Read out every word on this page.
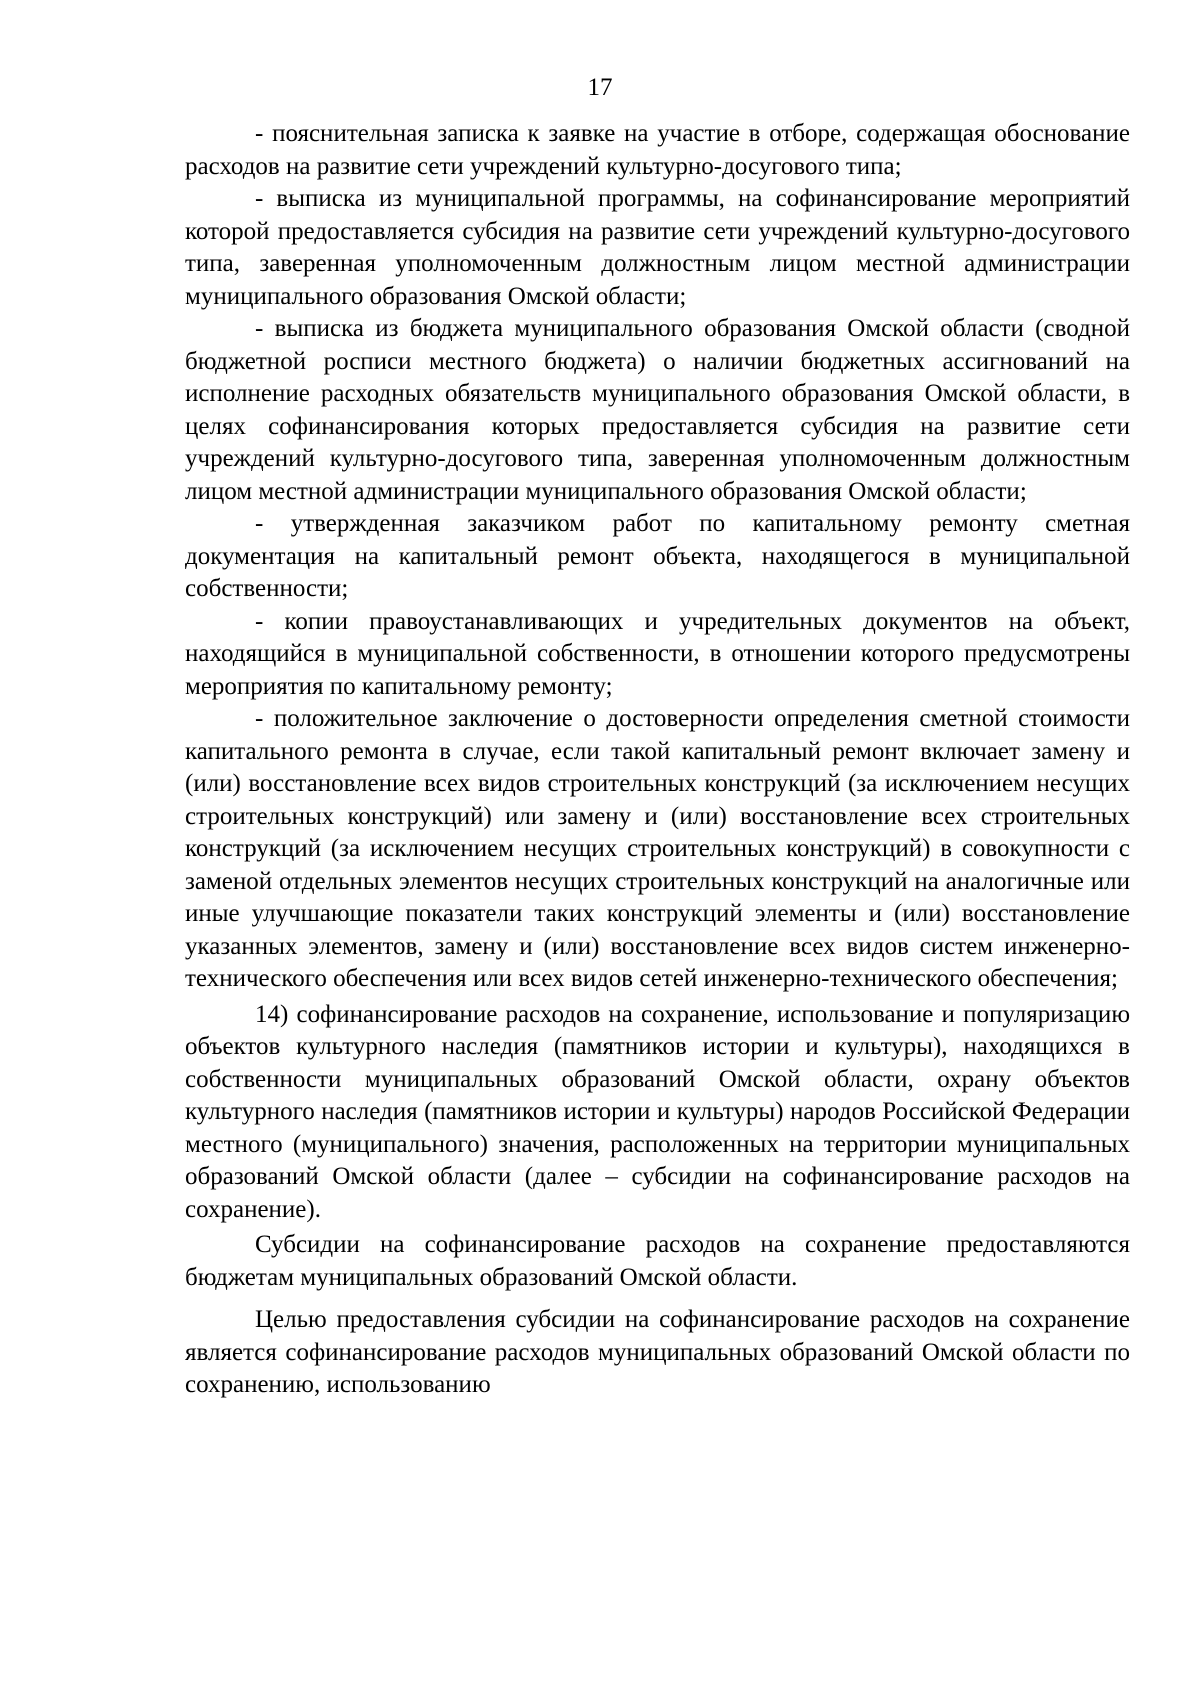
17

- пояснительная записка к заявке на участие в отборе, содержащая обоснование расходов на развитие сети учреждений культурно-досугового типа;

- выписка из муниципальной программы, на софинансирование мероприятий которой предоставляется субсидия на развитие сети учреждений культурно-досугового типа, заверенная уполномоченным должностным лицом местной администрации муниципального образования Омской области;

- выписка из бюджета муниципального образования Омской области (сводной бюджетной росписи местного бюджета) о наличии бюджетных ассигнований на исполнение расходных обязательств муниципального образования Омской области, в целях софинансирования которых предоставляется субсидия на развитие сети учреждений культурно-досугового типа, заверенная уполномоченным должностным лицом местной администрации муниципального образования Омской области;

- утвержденная заказчиком работ по капитальному ремонту сметная документация на капитальный ремонт объекта, находящегося в муниципальной собственности;

- копии правоустанавливающих и учредительных документов на объект, находящийся в муниципальной собственности, в отношении которого предусмотрены мероприятия по капитальному ремонту;

- положительное заключение о достоверности определения сметной стоимости капитального ремонта в случае, если такой капитальный ремонт включает замену и (или) восстановление всех видов строительных конструкций (за исключением несущих строительных конструкций) или замену и (или) восстановление всех строительных конструкций (за исключением несущих строительных конструкций) в совокупности с заменой отдельных элементов несущих строительных конструкций на аналогичные или иные улучшающие показатели таких конструкций элементы и (или) восстановление указанных элементов, замену и (или) восстановление всех видов систем инженерно-технического обеспечения или всех видов сетей инженерно-технического обеспечения;

14) софинансирование расходов на сохранение, использование и популяризацию объектов культурного наследия (памятников истории и культуры), находящихся в собственности муниципальных образований Омской области, охрану объектов культурного наследия (памятников истории и культуры) народов Российской Федерации местного (муниципального) значения, расположенных на территории муниципальных образований Омской области (далее – субсидии на софинансирование расходов на сохранение).

Субсидии на софинансирование расходов на сохранение предоставляются бюджетам муниципальных образований Омской области.

Целью предоставления субсидии на софинансирование расходов на сохранение является софинансирование расходов муниципальных образований Омской области по сохранению, использованию
